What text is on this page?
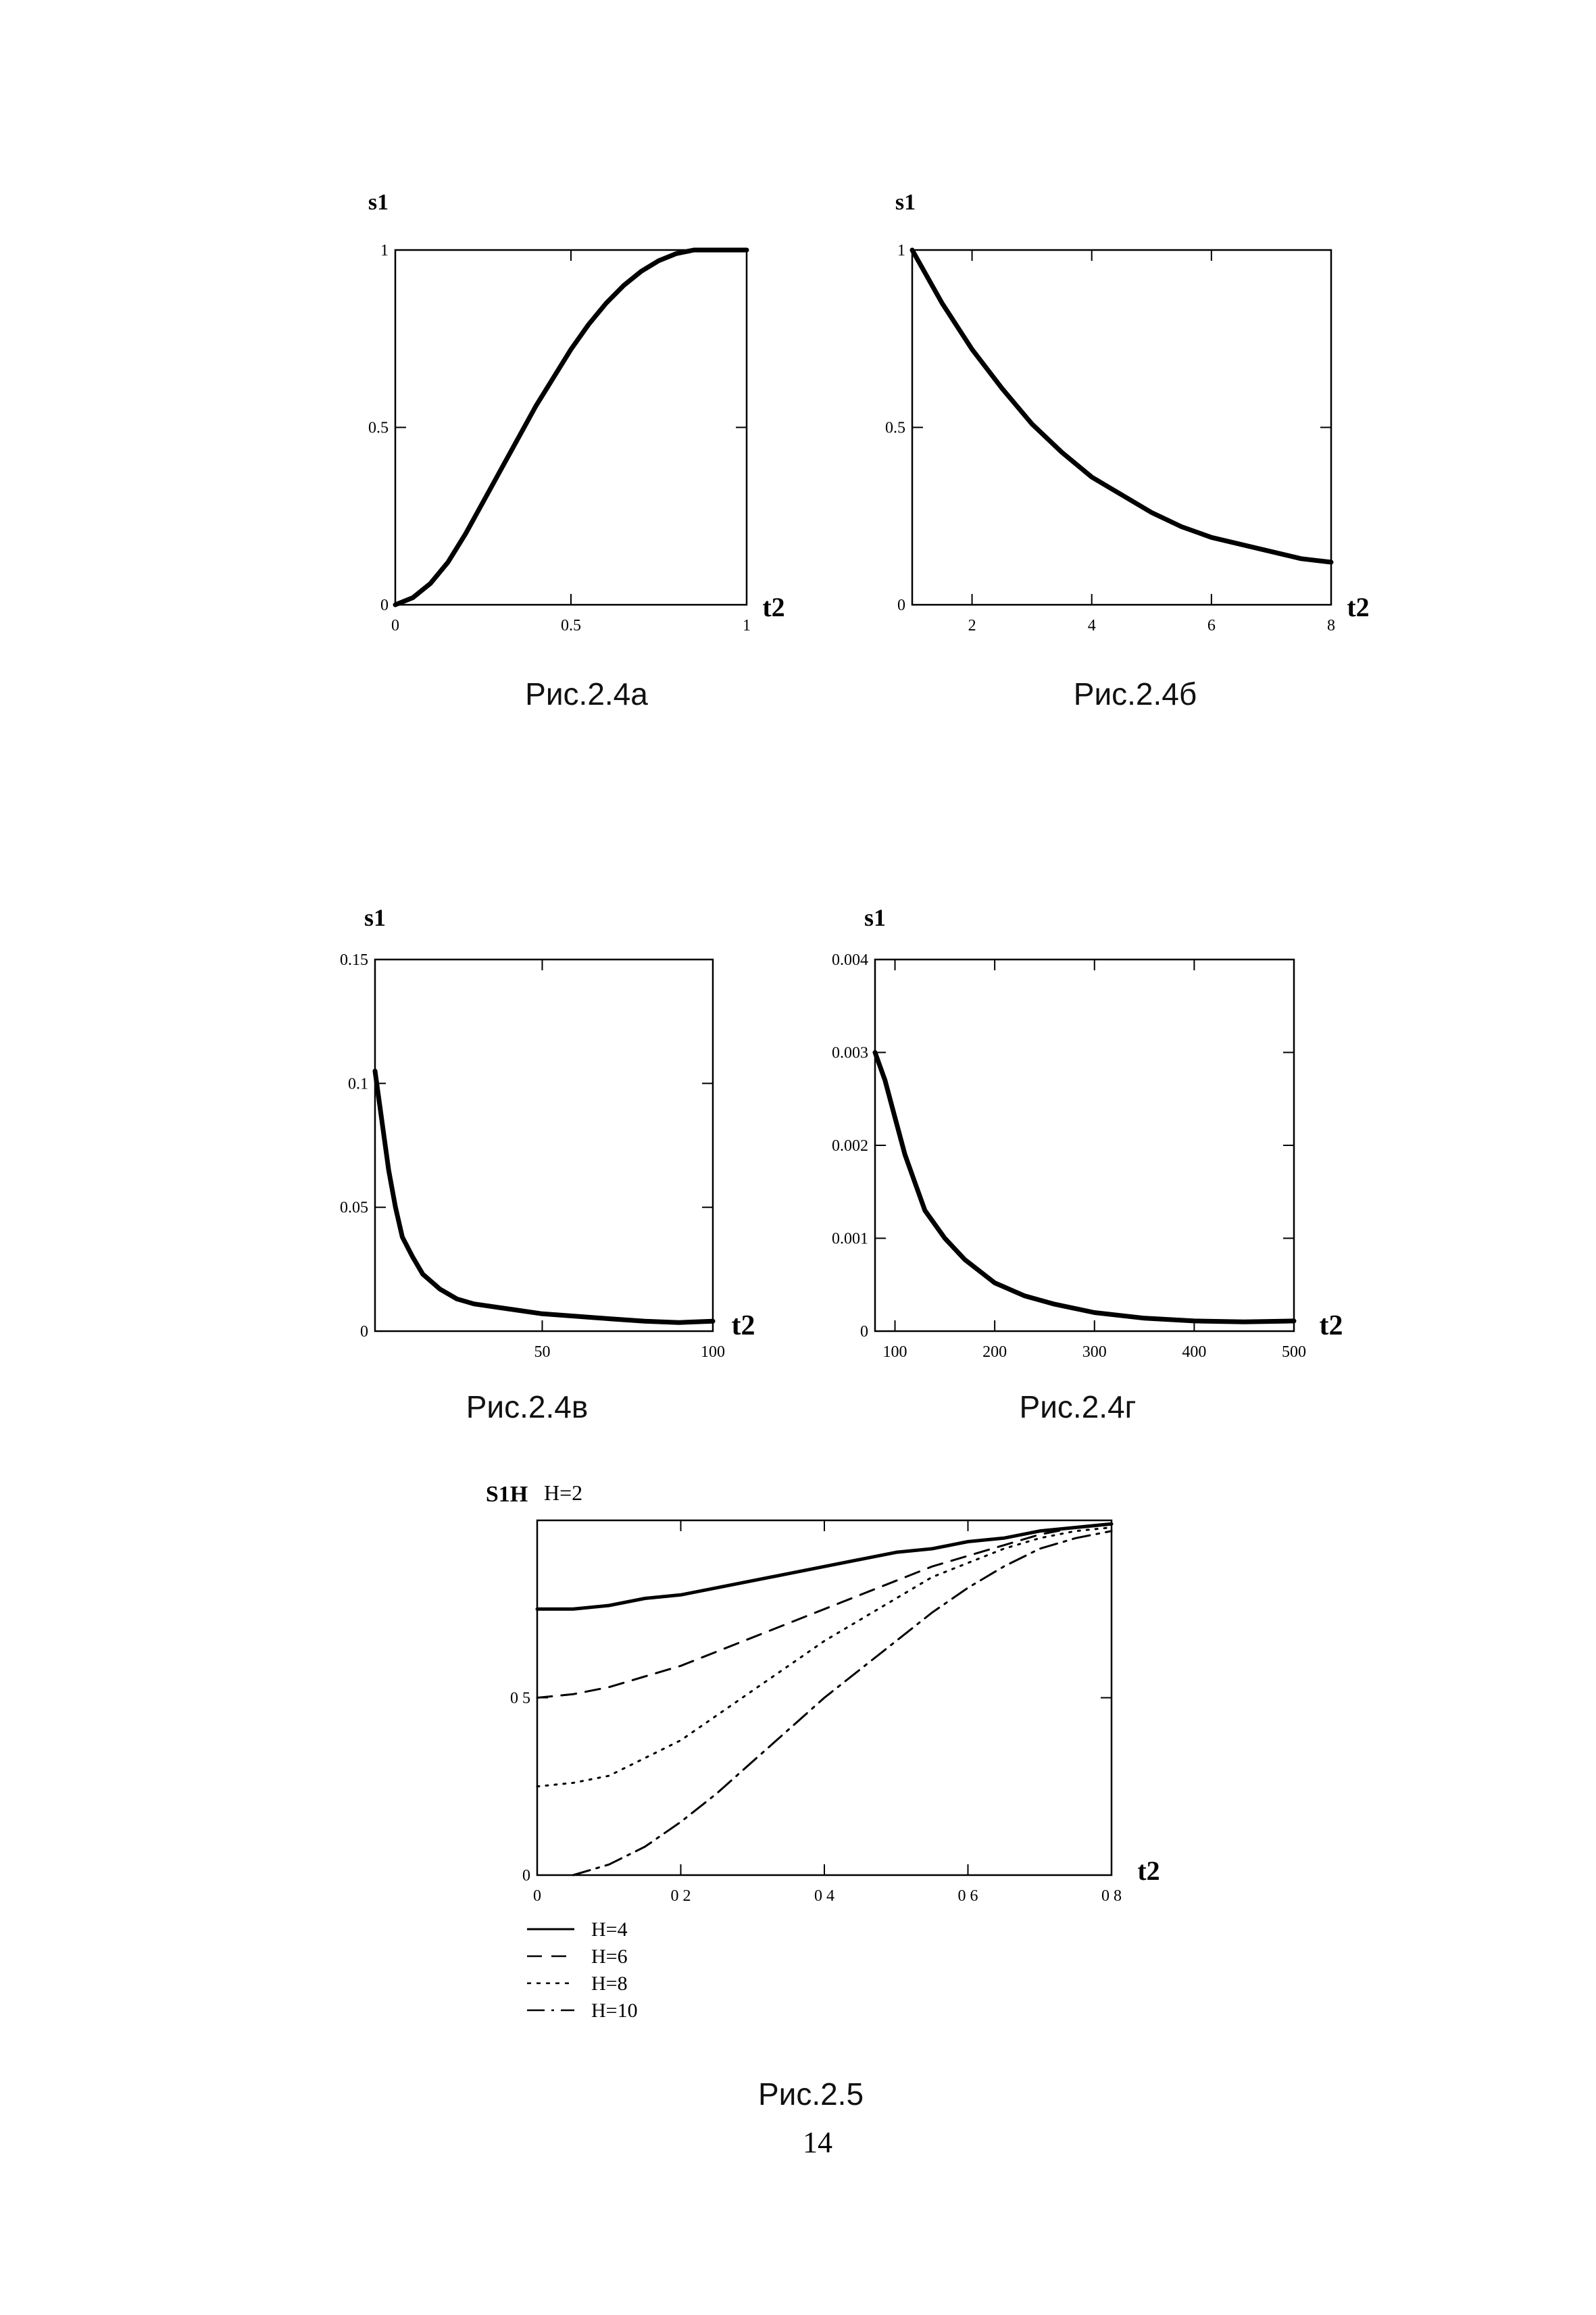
0	0.5	1
0
0.5
1
s1
t2
Рис.2.4а
2	4	6	8
0
0.5
1
s1
t2
Рис.2.4б
50	100
0
0.05
0.1
0.15
s1
t2
Рис.2.4в
100	200	300	400	500
0
0.001
0.002
0.003
0.004
s1
t2
Рис.2.4г
0	0 2	0 4	0 6	0 8
0
0 5
S1H
t2
H=2
H=4
H=6
H=8
H=10
Рис.2.5
14
